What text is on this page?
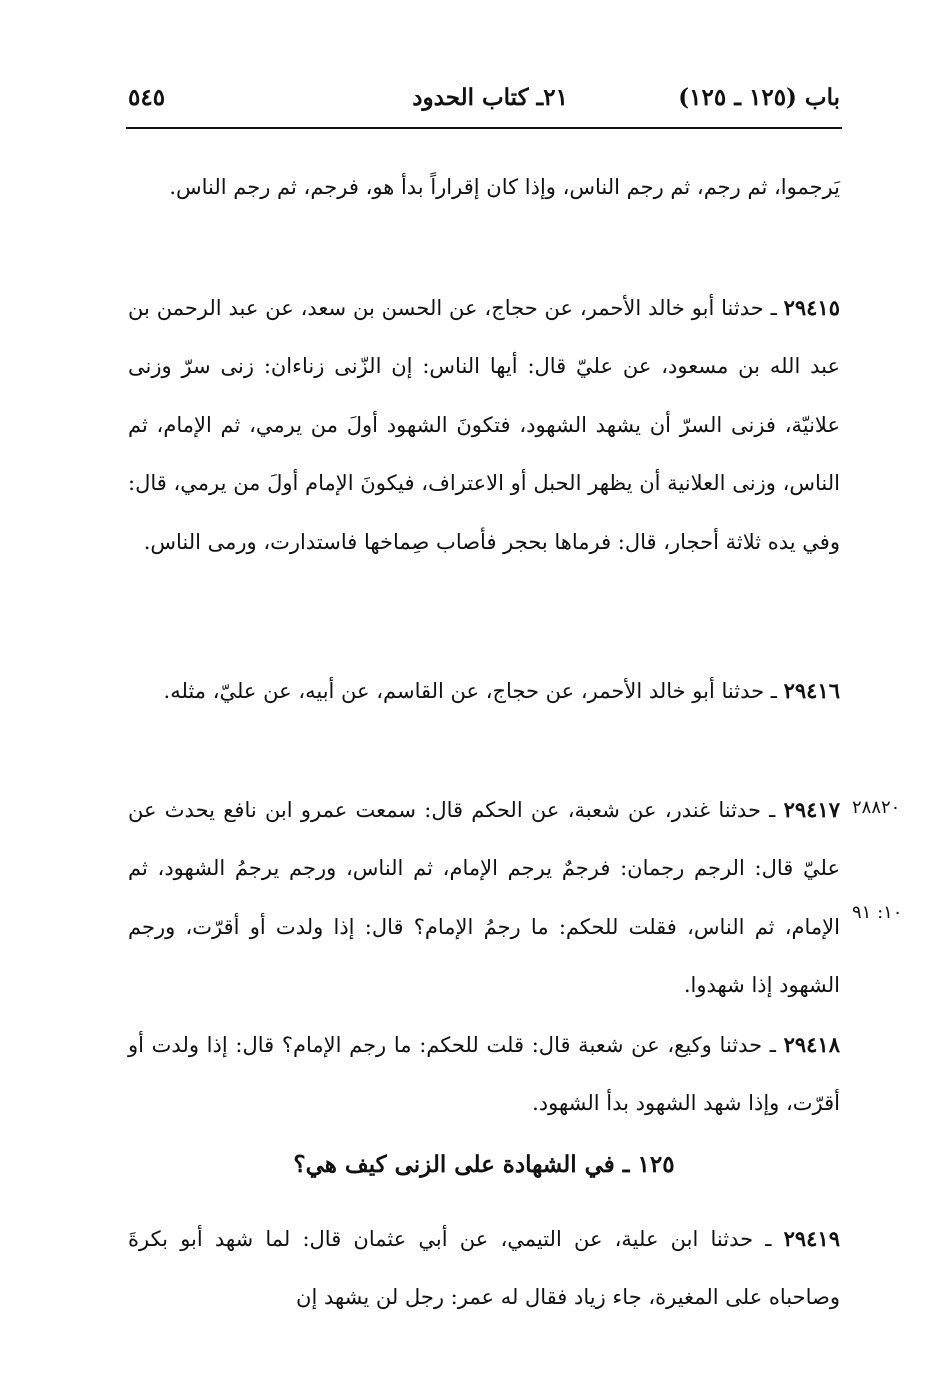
باب (١٢٥ ـ ١٢٥)
٢١ـ كتاب الحدود
٥٤٥

يَرجموا، ثم رجم، ثم رجم الناس، وإذا كان إقراراً بدأ هو، فرجم، ثم رجم الناس.

٢٩٤١٥ ـ حدثنا أبو خالد الأحمر، عن حجاج، عن الحسن بن سعد، عن عبد الرحمن بن عبد الله بن مسعود، عن عليّ قال: أيها الناس: إن الزّنى زناءان: زنى سرّ وزنى علانيّة، فزنى السرّ أن يشهد الشهود، فتكونَ الشهود أولَ من يرمي، ثم الإمام، ثم الناس، وزنى العلانية أن يظهر الحبل أو الاعتراف، فيكونَ الإمام أولَ من يرمي، قال: وفي يده ثلاثة أحجار، قال: فرماها بحجر فأصاب صِماخها فاستدارت، ورمى الناس.

٢٩٤١٦ ـ حدثنا أبو خالد الأحمر، عن حجاج، عن القاسم، عن أبيه، عن عليّ، مثله.

٢٩٤١٧ ـ حدثنا غندر، عن شعبة، عن الحكم قال: سمعت عمرو ابن نافع يحدث عن عليّ قال: الرجم رجمان: فرجمٌ يرجم الإمام، ثم الناس، ورجم يرجمُ الشهود، ثم الإمام، ثم الناس، فقلت للحكم: ما رجمُ الإمام؟ قال: إذا ولدت أو أقرّت، ورجم الشهود إذا شهدوا.

٢٨٨٢٠
١٠: ٩١

٢٩٤١٨ ـ حدثنا وكيع، عن شعبة قال: قلت للحكم: ما رجم الإمام؟ قال: إذا ولدت أو أقرّت، وإذا شهد الشهود بدأ الشهود.

١٢٥ ـ في الشهادة على الزنى كيف هي؟

٢٩٤١٩ ـ حدثنا ابن علية، عن التيمي، عن أبي عثمان قال: لما شهد أبو بكرةَ وصاحباه على المغيرة، جاء زياد فقال له عمر: رجل لن يشهد إن
